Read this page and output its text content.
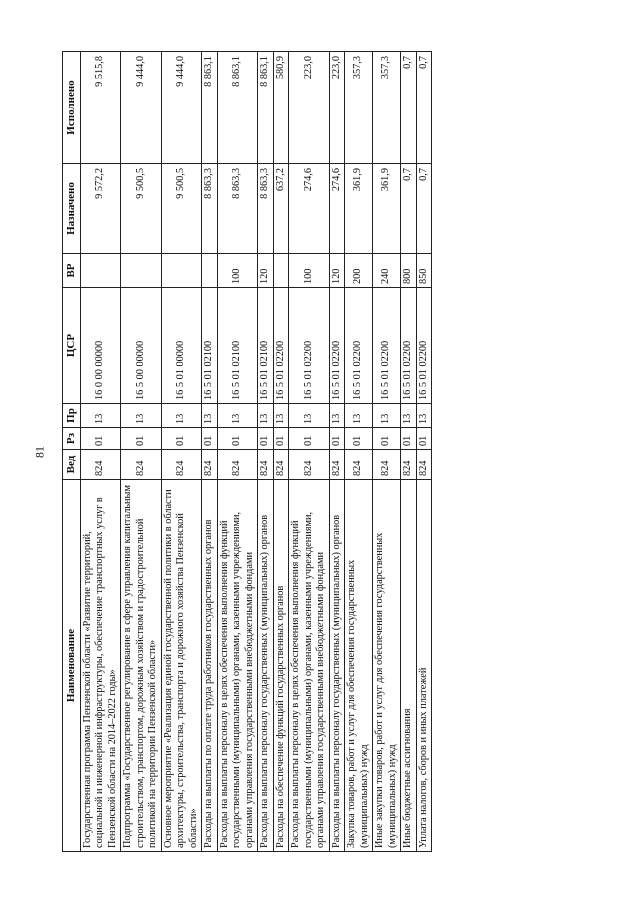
81
Наименование	Вед	Рз	Пр	ЦСР	ВР	Назначено	Исполнено
Государственная программа Пензенской области «Развитие территорий, социальной и инженерной инфраструктуры, обеспечение транспортных услуг в Пензенской области на 2014–2022 годы»	824	01	13	16 0 00 00000		9 572,2	9 515,8
Подпрограмма «Государственное регулирование в сфере управления капитальным строительством, транспортом, дорожным хозяйством и градостроительной политикой на территории Пензенской области»	824	01	13	16 5 00 00000		9 500,5	9 444,0
Основное мероприятие «Реализация единой государственной политики в области архитектуры, строительства, транспорта и дорожного хозяйства Пензенской области»	824	01	13	16 5 01 00000		9 500,5	9 444,0
Расходы на выплаты по оплате труда работников государственных органов	824	01	13	16 5 01 02100		8 863,3	8 863,1
Расходы на выплаты персоналу в целях обеспечения выполнения функций государственными (муниципальными) органами, казенными учреждениями, органами управления государственными внебюджетными фондами	824	01	13	16 5 01 02100	100	8 863,3	8 863,1
Расходы на выплаты персоналу государственных (муниципальных) органов	824	01	13	16 5 01 02100	120	8 863,3	8 863,1
Расходы на обеспечение функций государственных органов	824	01	13	16 5 01 02200		637,2	580,9
Расходы на выплаты персоналу в целях обеспечения выполнения функций государственными (муниципальными) органами, казенными учреждениями, органами управления государственными внебюджетными фондами	824	01	13	16 5 01 02200	100	274,6	223,0
Расходы на выплаты персоналу государственных (муниципальных) органов	824	01	13	16 5 01 02200	120	274,6	223,0
Закупка товаров, работ и услуг для обеспечения государственных (муниципальных) нужд	824	01	13	16 5 01 02200	200	361,9	357,3
Иные закупки товаров, работ и услуг для обеспечения государственных (муниципальных) нужд	824	01	13	16 5 01 02200	240	361,9	357,3
Иные бюджетные ассигнования	824	01	13	16 5 01 02200	800	0,7	0,7
Уплата налогов, сборов и иных платежей	824	01	13	16 5 01 02200	850	0,7	0,7
